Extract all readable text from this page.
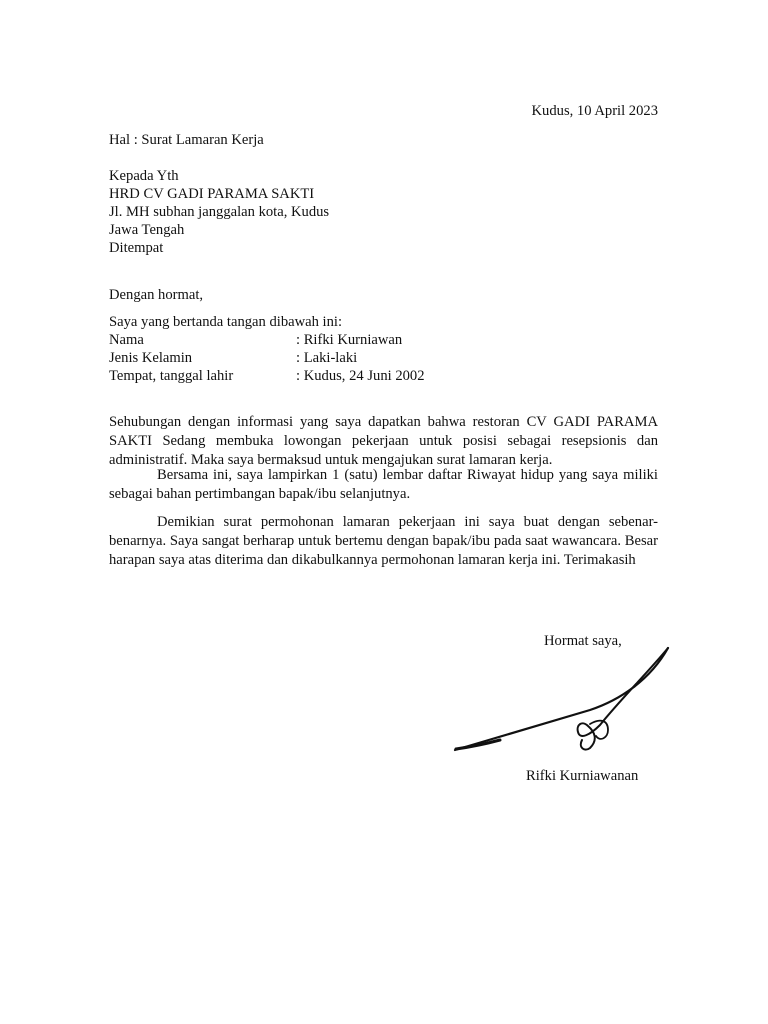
Kudus, 10 April 2023
Hal : Surat Lamaran Kerja
Kepada Yth
HRD CV GADI PARAMA SAKTI
Jl. MH subhan janggalan kota, Kudus
Jawa Tengah
Ditempat
Dengan hormat,
Saya yang bertanda tangan dibawah ini:
Nama	: Rifki Kurniawan
Jenis Kelamin	: Laki-laki
Tempat, tanggal lahir	: Kudus, 24 Juni 2002

Sehubungan dengan informasi yang saya dapatkan bahwa restoran CV GADI PARAMA SAKTI Sedang membuka lowongan pekerjaan untuk posisi sebagai resepsionis dan administratif. Maka saya bermaksud untuk mengajukan surat lamaran kerja.

Bersama ini, saya lampirkan 1 (satu) lembar daftar Riwayat hidup yang saya miliki sebagai bahan pertimbangan bapak/ibu selanjutnya.

Demikian surat permohonan lamaran pekerjaan ini saya buat dengan sebenar-benarnya. Saya sangat berharap untuk bertemu dengan bapak/ibu pada saat wawancara. Besar harapan saya atas diterima dan dikabulkannya permohonan lamaran kerja ini. Terimakasih

Hormat saya,
Rifki Kurniawanan
